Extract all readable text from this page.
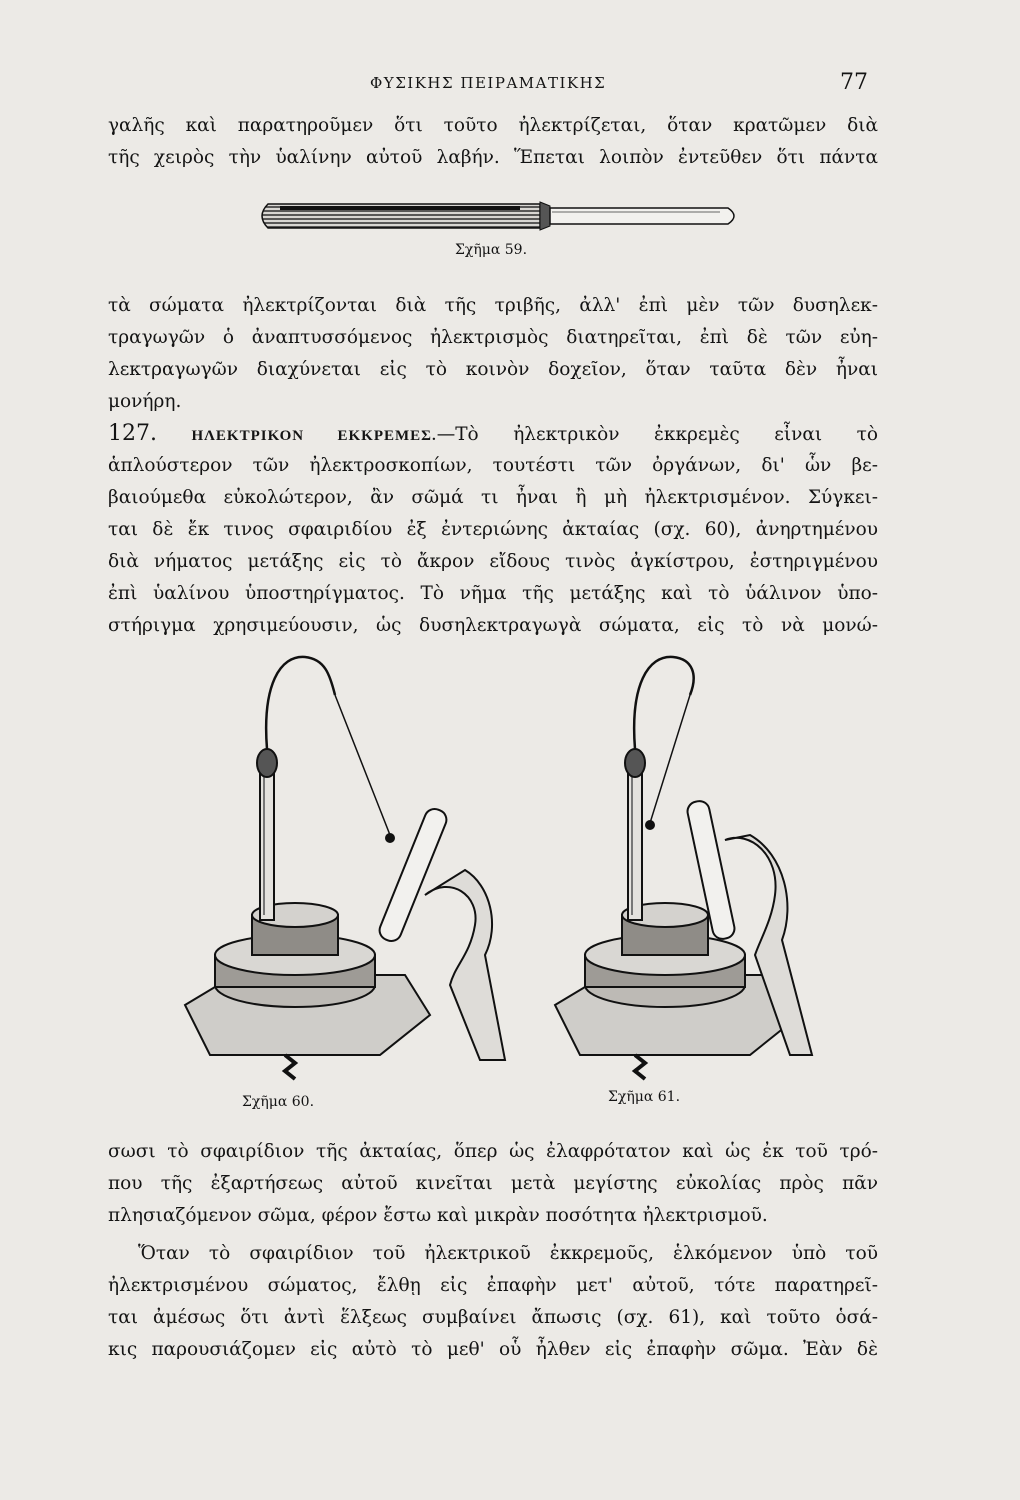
ΦΥΣΙΚΗΣ ΠΕΙΡΑΜΑΤΙΚΗΣ	77
γαλῆς καὶ παρατηροῦμεν ὅτι τοῦτο ἠλεκτρίζεται, ὅταν κρατῶμεν διὰ
τῆς χειρὸς τὴν ὑαλίνην αὐτοῦ λαβήν. Ἕπεται λοιπὸν ἐντεῦθεν ὅτι πάντα
Σχῆμα 59.
τὰ σώματα ἠλεκτρίζονται διὰ τῆς τριβῆς, ἀλλ' ἐπὶ μὲν τῶν δυσηλεκ-
τραγωγῶν ὁ ἀναπτυσσόμενος ἠλεκτρισμὸς διατηρεῖται, ἐπὶ δὲ τῶν εὐη-
λεκτραγωγῶν διαχύνεται εἰς τὸ κοινὸν δοχεῖον, ὅταν ταῦτα δὲν ἦναι
μονήρη.
127. ΗΛΕΚΤΡΙΚΟΝ ΕΚΚΡΕΜΕΣ.—Τὸ ἠλεκτρικὸν ἐκκρεμὲς εἶναι τὸ
ἁπλούστερον τῶν ἠλεκτροσκοπίων, τουτέστι τῶν ὀργάνων, δι' ὧν βε-
βαιούμεθα εὐκολώτερον, ἂν σῶμά τι ἦναι ἢ μὴ ἠλεκτρισμένον. Σύγκει-
ται δὲ ἔκ τινος σφαιριδίου ἐξ ἐντεριώνης ἀκταίας (σχ. 60), ἀνηρτημένου
διὰ νήματος μετάξης εἰς τὸ ἄκρον εἴδους τινὸς ἀγκίστρου, ἐστηριγμένου
ἐπὶ ὑαλίνου ὑποστηρίγματος. Τὸ νῆμα τῆς μετάξης καὶ τὸ ὑάλινον ὑπο-
στήριγμα χρησιμεύουσιν, ὡς δυσηλεκτραγωγὰ σώματα, εἰς τὸ νὰ μονώ-
Σχῆμα 60.	Σχῆμα 61.
σωσι τὸ σφαιρίδιον τῆς ἀκταίας, ὅπερ ὡς ἐλαφρότατον καὶ ὡς ἐκ τοῦ τρό-
που τῆς ἐξαρτήσεως αὐτοῦ κινεῖται μετὰ μεγίστης εὐκολίας πρὸς πᾶν
πλησιαζόμενον σῶμα, φέρον ἔστω καὶ μικρὰν ποσότητα ἠλεκτρισμοῦ.
Ὅταν τὸ σφαιρίδιον τοῦ ἠλεκτρικοῦ ἐκκρεμοῦς, ἑλκόμενον ὑπὸ τοῦ
ἠλεκτρισμένου σώματος, ἔλθῃ εἰς ἐπαφὴν μετ' αὐτοῦ, τότε παρατηρεῖ-
ται ἀμέσως ὅτι ἀντὶ ἕλξεως συμβαίνει ἄπωσις (σχ. 61), καὶ τοῦτο ὁσά-
κις παρουσιάζομεν εἰς αὐτὸ τὸ μεθ' οὗ ἦλθεν εἰς ἐπαφὴν σῶμα. Ἐὰν δὲ
